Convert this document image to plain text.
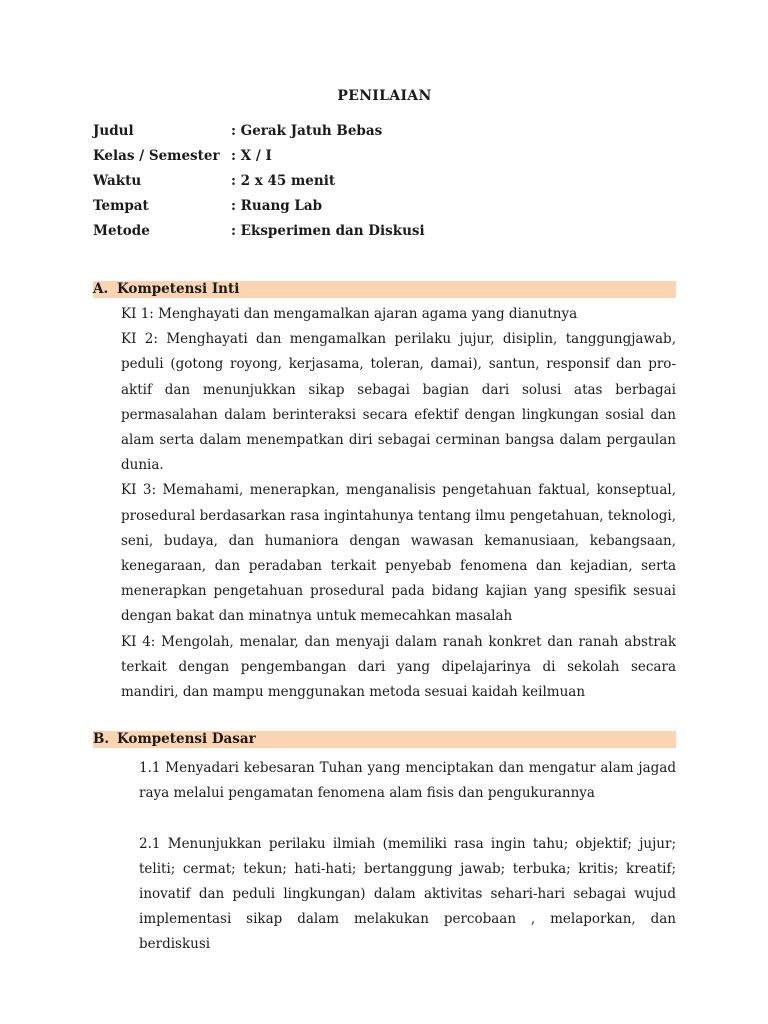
PENILAIAN
Judul	: Gerak Jatuh Bebas
Kelas / Semester	: X / I
Waktu	: 2 x 45 menit
Tempat	: Ruang Lab
Metode	: Eksperimen dan Diskusi
A. Kompetensi Inti

KI 1: Menghayati dan mengamalkan ajaran agama yang dianutnya

KI 2: Menghayati dan mengamalkan perilaku jujur, disiplin, tanggungjawab, peduli (gotong royong, kerjasama, toleran, damai), santun, responsif dan pro-aktif dan menunjukkan sikap sebagai bagian dari solusi atas berbagai permasalahan dalam berinteraksi secara efektif dengan lingkungan sosial dan alam serta dalam menempatkan diri sebagai cerminan bangsa dalam pergaulan dunia.

KI 3: Memahami, menerapkan, menganalisis pengetahuan faktual, konseptual, prosedural berdasarkan rasa ingintahunya tentang ilmu pengetahuan, teknologi, seni, budaya, dan humaniora dengan wawasan kemanusiaan, kebangsaan, kenegaraan, dan peradaban terkait penyebab fenomena dan kejadian, serta menerapkan pengetahuan prosedural pada bidang kajian yang spesifik sesuai dengan bakat dan minatnya untuk memecahkan masalah

KI 4: Mengolah, menalar, dan menyaji dalam ranah konkret dan ranah abstrak terkait dengan pengembangan dari yang dipelajarinya di sekolah secara mandiri, dan mampu menggunakan metoda sesuai kaidah keilmuan

B. Kompetensi Dasar

1.1 Menyadari kebesaran Tuhan yang menciptakan dan mengatur alam jagad raya melalui pengamatan fenomena alam fisis dan pengukurannya

2.1 Menunjukkan perilaku ilmiah (memiliki rasa ingin tahu; objektif; jujur; teliti; cermat; tekun; hati-hati; bertanggung jawab; terbuka; kritis; kreatif; inovatif dan peduli lingkungan) dalam aktivitas sehari-hari sebagai wujud implementasi sikap dalam melakukan percobaan , melaporkan, dan berdiskusi
